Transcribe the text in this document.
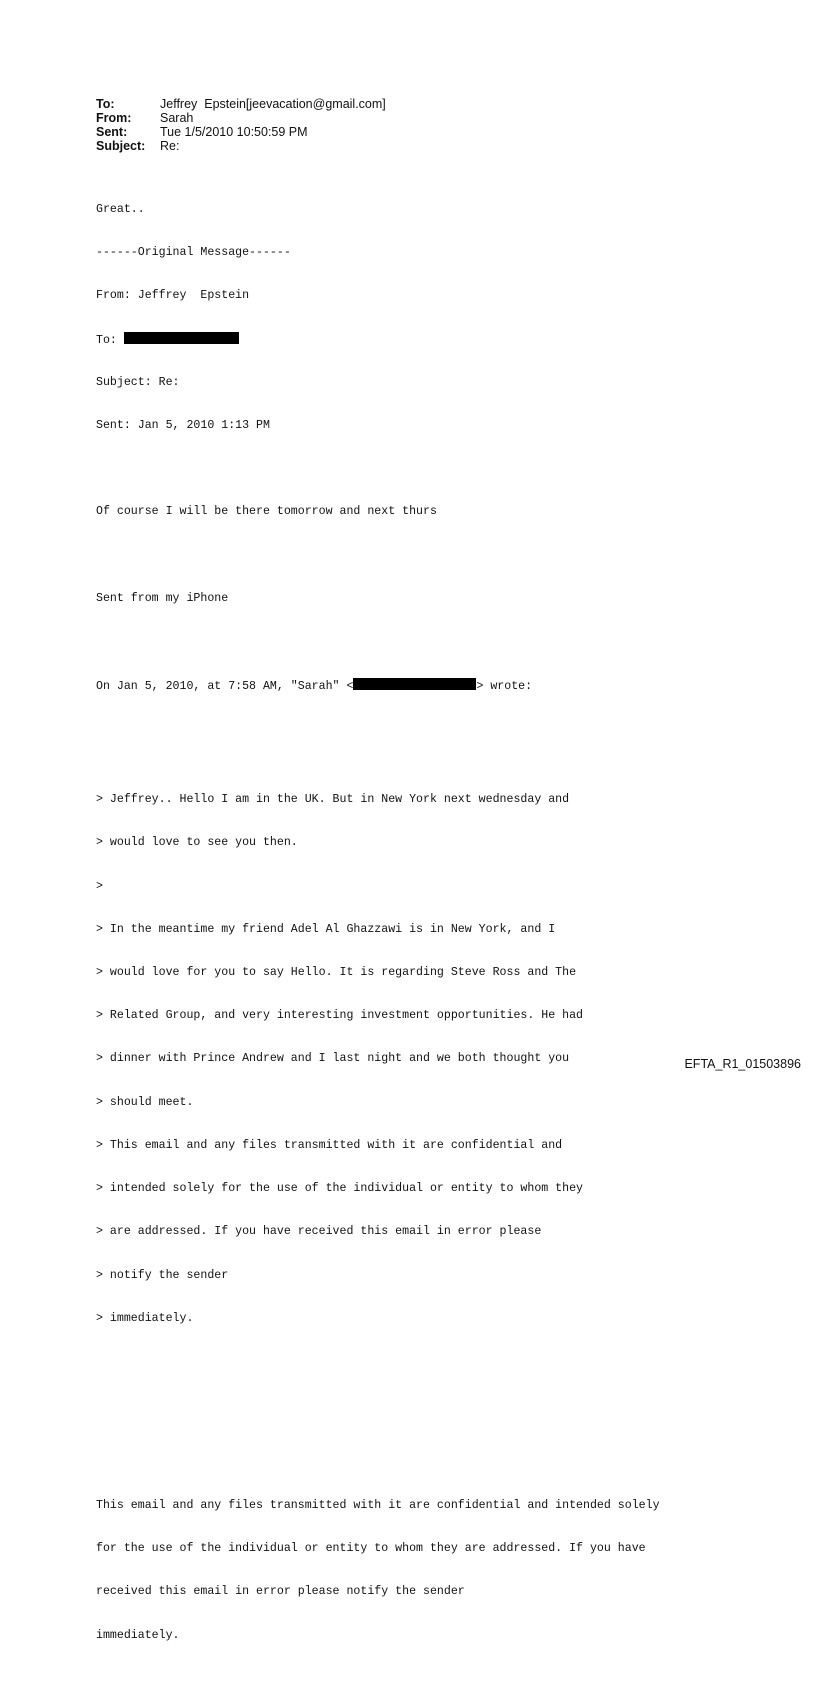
To:	Jeffrey  Epstein[jeevacation@gmail.com]
From:	Sarah
Sent:	Tue 1/5/2010 10:50:59 PM
Subject:	Re:

Great..

------Original Message------

From: Jeffrey  Epstein

To:

Subject: Re:

Sent: Jan 5, 2010 1:13 PM

Of course I will be there tomorrow and next thurs

Sent from my iPhone

On Jan 5, 2010, at 7:58 AM, "Sarah" <	> wrote:

> Jeffrey.. Hello I am in the UK. But in New York next wednesday and

> would love to see you then.

>

> In the meantime my friend Adel Al Ghazzawi is in New York, and I

> would love for you to say Hello. It is regarding Steve Ross and The

> Related Group, and very interesting investment opportunities. He had

> dinner with Prince Andrew and I last night and we both thought you

> should meet.

> This email and any files transmitted with it are confidential and

> intended solely for the use of the individual or entity to whom they

> are addressed. If you have received this email in error please

> notify the sender

> immediately.

This email and any files transmitted with it are confidential and intended solely

for the use of the individual or entity to whom they are addressed. If you have

received this email in error please notify the sender

immediately.

EFTA_R1_01503896
